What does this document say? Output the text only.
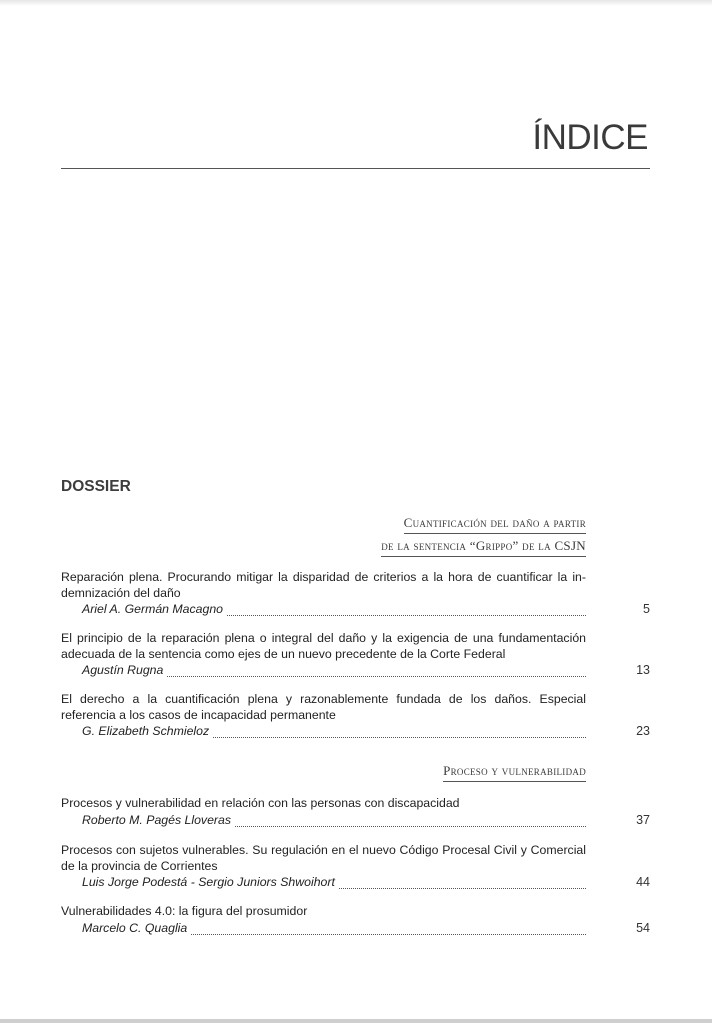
ÍNDICE
DOSSIER
Cuantificación del daño a partir
de la sentencia “Grippo” de la CSJN
Reparación plena. Procurando mitigar la disparidad de criterios a la hora de cuantificar la in-demnización del daño
Ariel A. Germán Macagno	5
El principio de la reparación plena o integral del daño y la exigencia de una fundamentación adecuada de la sentencia como ejes de un nuevo precedente de la Corte Federal
Agustín Rugna	13
El derecho a la cuantificación plena y razonablemente fundada de los daños. Especial referencia a los casos de incapacidad permanente
G. Elizabeth Schmieloz	23
Proceso y vulnerabilidad
Procesos y vulnerabilidad en relación con las personas con discapacidad
Roberto M. Pagés Lloveras	37
Procesos con sujetos vulnerables. Su regulación en el nuevo Código Procesal Civil y Comercial de la provincia de Corrientes
Luis Jorge Podestá - Sergio Juniors Shwoihort	44
Vulnerabilidades 4.0: la figura del prosumidor
Marcelo C. Quaglia	54
